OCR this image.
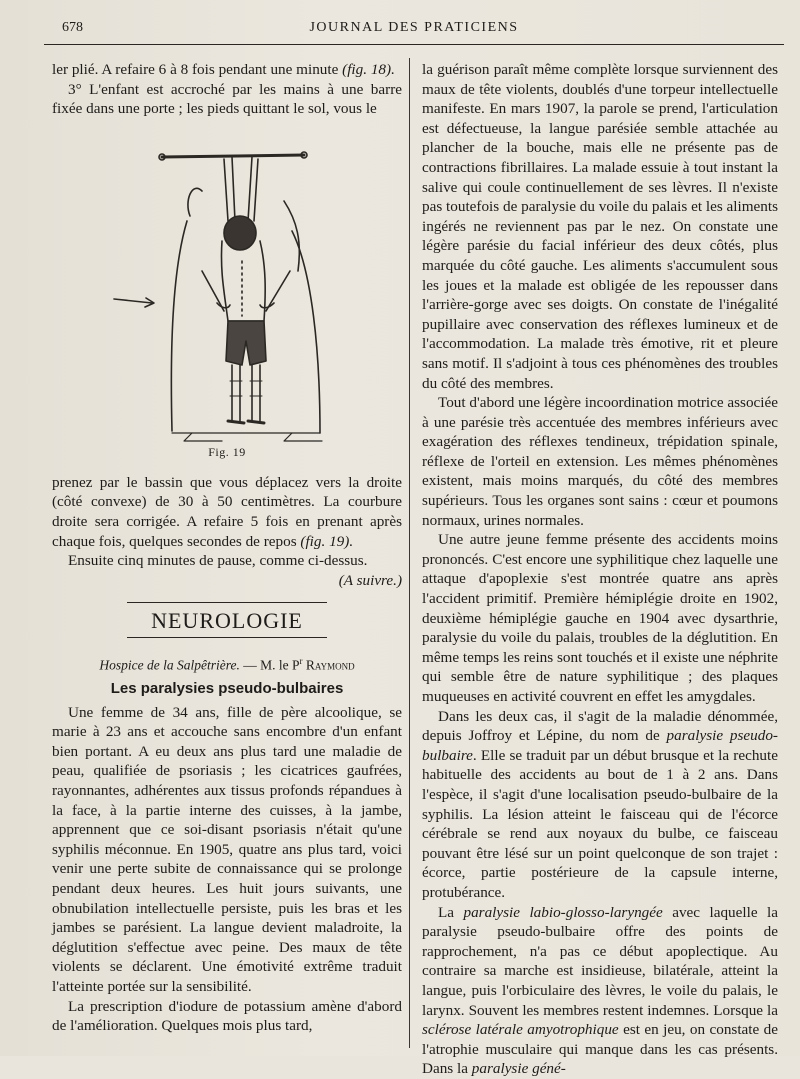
678	JOURNAL DES PRATICIENS

ler plié. A refaire 6 à 8 fois pendant une minute (fig. 18).

3° L'enfant est accroché par les mains à une barre fixée dans une porte ; les pieds quittant le sol, vous le

Fig. 19

prenez par le bassin que vous déplacez vers la droite (côté convexe) de 30 à 50 centimètres. La courbure droite sera corrigée. A refaire 5 fois en prenant après chaque fois, quelques secondes de repos (fig. 19).

Ensuite cinq minutes de pause, comme ci-dessus.

(A suivre.)

NEUROLOGIE
Hospice de la Salpêtrière. — M. le $P^r$ Raymond
Les paralysies pseudo-bulbaires

Une femme de 34 ans, fille de père alcoolique, se marie à 23 ans et accouche sans encombre d'un enfant bien portant. A eu deux ans plus tard une maladie de peau, qualifiée de psoriasis ; les cicatrices gaufrées, rayonnantes, adhérentes aux tissus profonds répandues à la face, à la partie interne des cuisses, à la jambe, apprennent que ce soi-disant psoriasis n'était qu'une syphilis méconnue. En 1905, quatre ans plus tard, voici venir une perte subite de connaissance qui se prolonge pendant deux heures. Les huit jours suivants, une obnubilation intellectuelle persiste, puis les bras et les jambes se parésient. La langue devient maladroite, la déglutition s'effectue avec peine. Des maux de tête violents se déclarent. Une émotivité extrême traduit l'atteinte portée sur la sensibilité.

La prescription d'iodure de potassium amène d'abord de l'amélioration. Quelques mois plus tard,

la guérison paraît même complète lorsque surviennent des maux de tête violents, doublés d'une torpeur intellectuelle manifeste. En mars 1907, la parole se prend, l'articulation est défectueuse, la langue parésiée semble attachée au plancher de la bouche, mais elle ne présente pas de contractions fibrillaires. La malade essuie à tout instant la salive qui coule continuellement de ses lèvres. Il n'existe pas toutefois de paralysie du voile du palais et les aliments ingérés ne reviennent pas par le nez. On constate une légère parésie du facial inférieur des deux côtés, plus marquée du côté gauche. Les aliments s'accumulent sous les joues et la malade est obligée de les repousser dans l'arrière-gorge avec ses doigts. On constate de l'inégalité pupillaire avec conservation des réflexes lumineux et de l'accommodation. La malade très émotive, rit et pleure sans motif. Il s'adjoint à tous ces phénomènes des troubles du côté des membres.

Tout d'abord une légère incoordination motrice associée à une parésie très accentuée des membres inférieurs avec exagération des réflexes tendineux, trépidation spinale, réflexe de l'orteil en extension. Les mêmes phénomènes existent, mais moins marqués, du côté des membres supérieurs. Tous les organes sont sains : cœur et poumons normaux, urines normales.

Une autre jeune femme présente des accidents moins prononcés. C'est encore une syphilitique chez laquelle une attaque d'apoplexie s'est montrée quatre ans après l'accident primitif. Première hémiplégie droite en 1902, deuxième hémiplégie gauche en 1904 avec dysarthrie, paralysie du voile du palais, troubles de la déglutition. En même temps les reins sont touchés et il existe une néphrite qui semble être de nature syphilitique ; des plaques muqueuses en activité couvrent en effet les amygdales.

Dans les deux cas, il s'agit de la maladie dénommée, depuis Joffroy et Lépine, du nom de paralysie pseudo-bulbaire. Elle se traduit par un début brusque et la rechute habituelle des accidents au bout de 1 à 2 ans. Dans l'espèce, il s'agit d'une localisation pseudo-bulbaire de la syphilis. La lésion atteint le faisceau qui de l'écorce cérébrale se rend aux noyaux du bulbe, ce faisceau pouvant être lésé sur un point quelconque de son trajet : écorce, partie postérieure de la capsule interne, protubérance.

La paralysie labio-glosso-laryngée avec laquelle la paralysie pseudo-bulbaire offre des points de rapprochement, n'a pas ce début apoplectique. Au contraire sa marche est insidieuse, bilatérale, atteint la langue, puis l'orbiculaire des lèvres, le voile du palais, le larynx. Souvent les membres restent indemnes. Lorsque la sclérose latérale amyotrophique est en jeu, on constate de l'atrophie musculaire qui manque dans les cas présents. Dans la paralysie géné-
